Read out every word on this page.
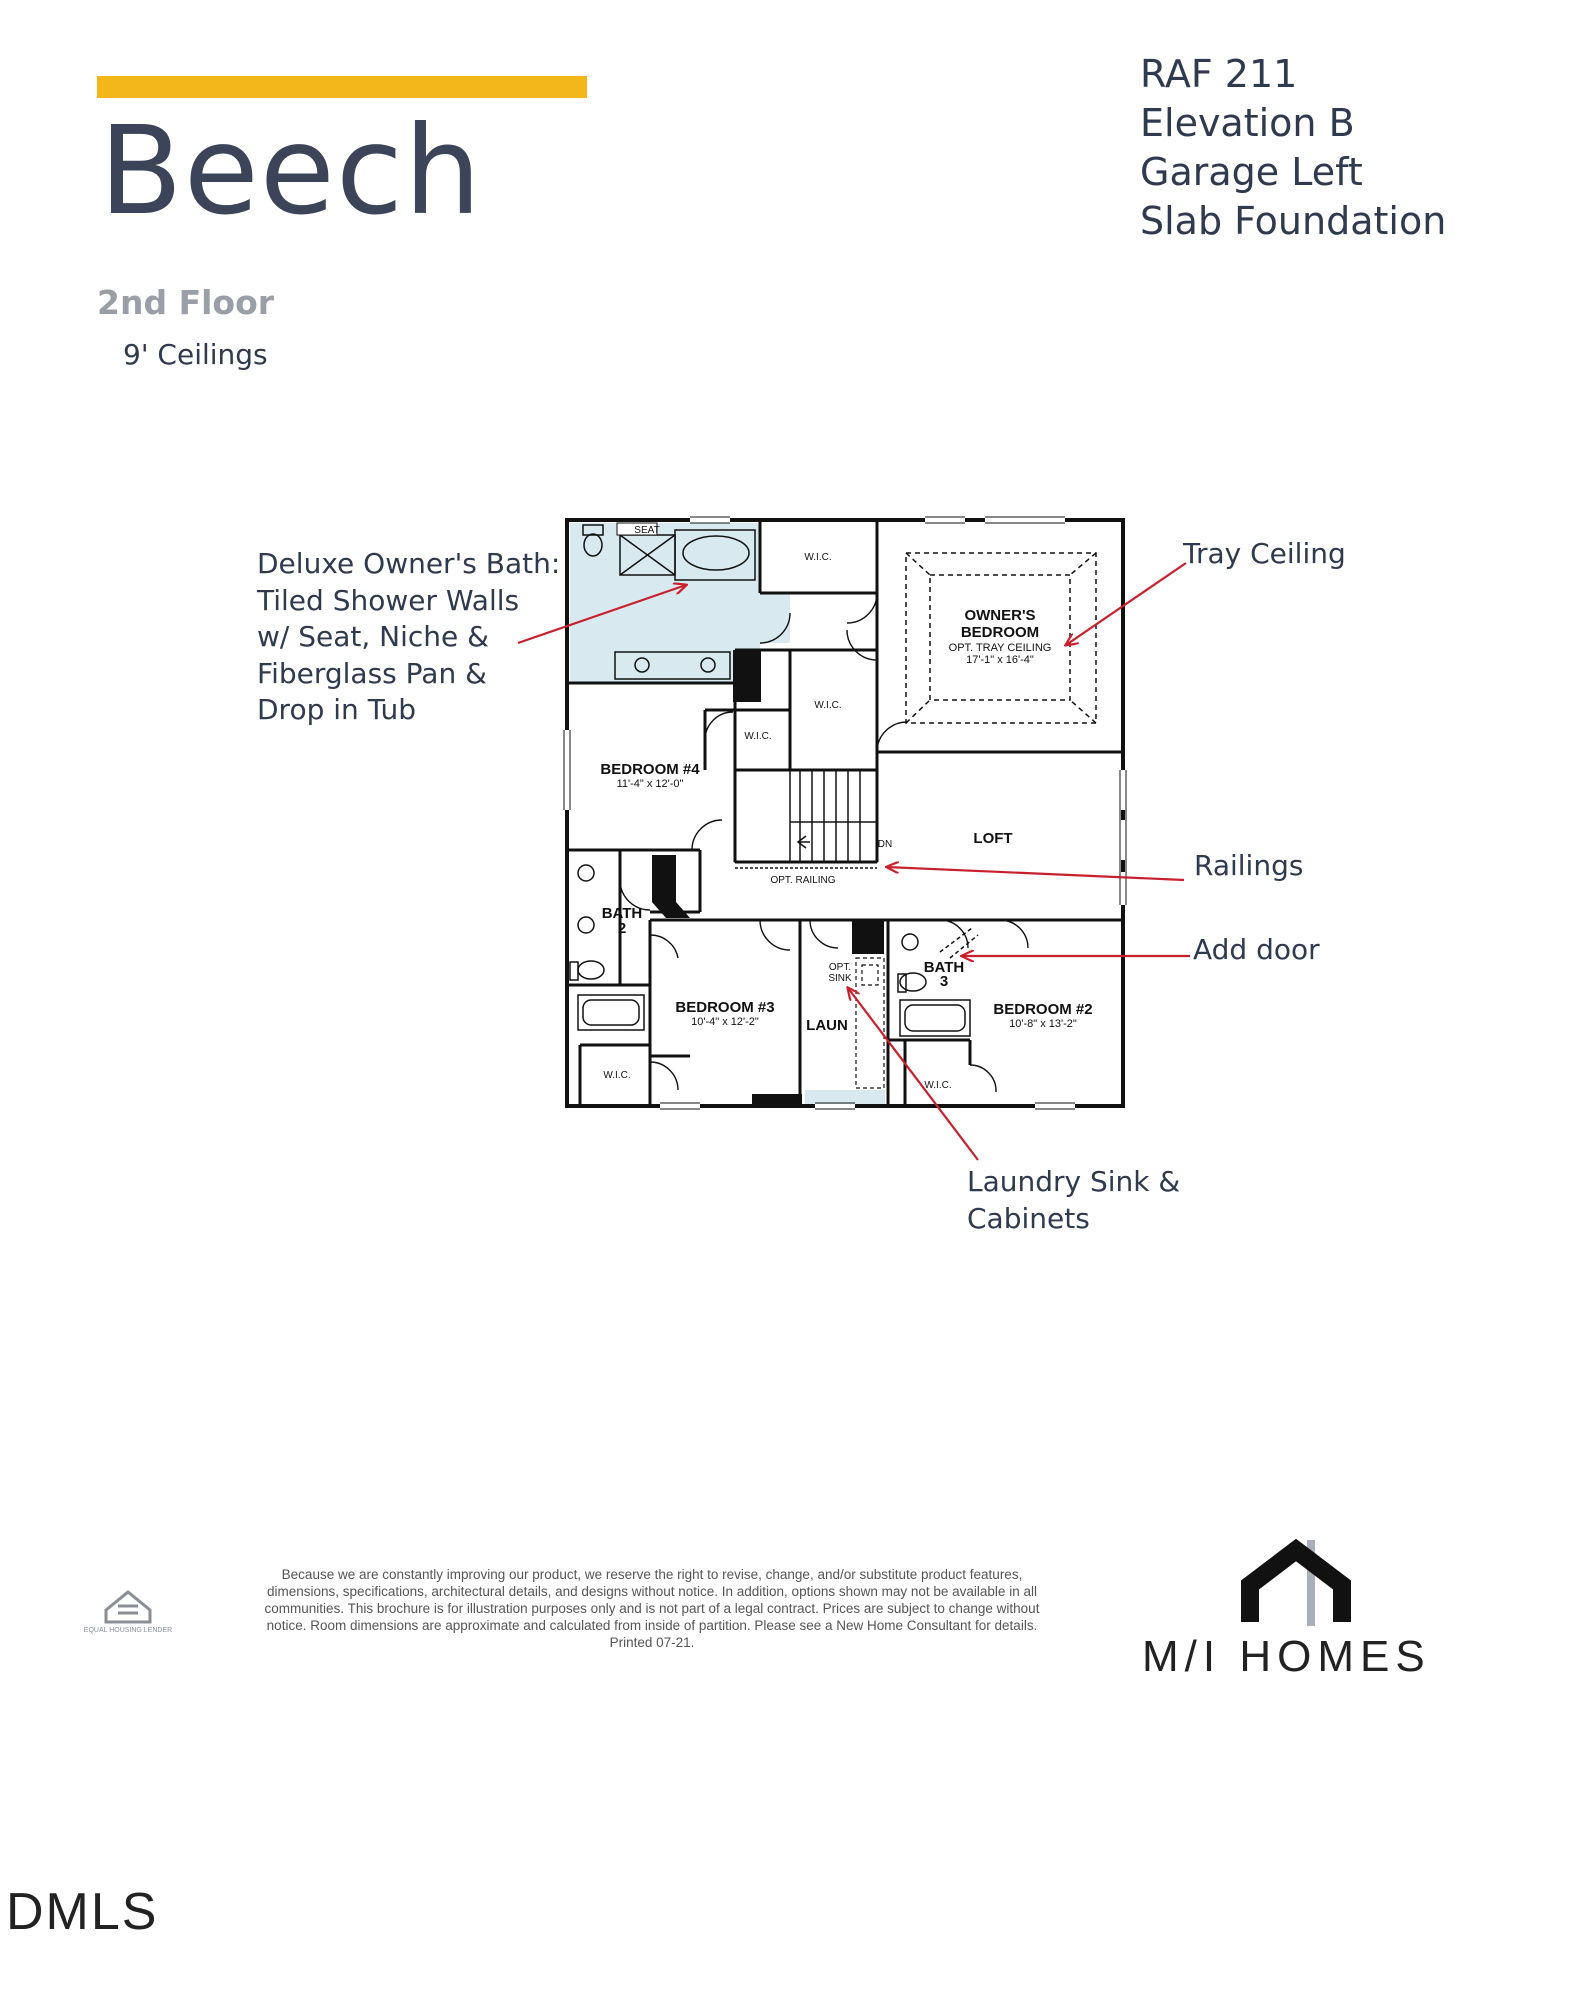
Beech
2nd Floor
9' Ceilings
RAF 211
Elevation B
Garage Left
Slab Foundation
Deluxe Owner's Bath:
Tiled Shower Walls
w/ Seat, Niche &
Fiberglass Pan &
Drop in Tub
Tray Ceiling
Railings
Add door
Laundry Sink &
Cabinets
SEAT
W.I.C.
W.I.C.
W.I.C.
W.I.C.
W.I.C.
OWNER'S
BEDROOM
OPT. TRAY CEILING
17'-1" x 16'-4"
BEDROOM #4
11'-4" x 12'-0"
LOFT
DN
OPT. RAILING
BATH
2
BEDROOM #3
10'-4" x 12'-2"
OPT.
SINK
LAUN
BATH
3
BEDROOM #2
10'-8" x 13'-2"
EQUAL HOUSING LENDER
Because we are constantly improving our product, we reserve the right to revise, change, and/or substitute product features, dimensions, specifications, architectural details, and designs without notice. In addition, options shown may not be available in all communities. This brochure is for illustration purposes only and is not part of a legal contract. Prices are subject to change without notice. Room dimensions are approximate and calculated from inside of partition. Please see a New Home Consultant for details. Printed 07-21.	M/I HOMES
DMLS
